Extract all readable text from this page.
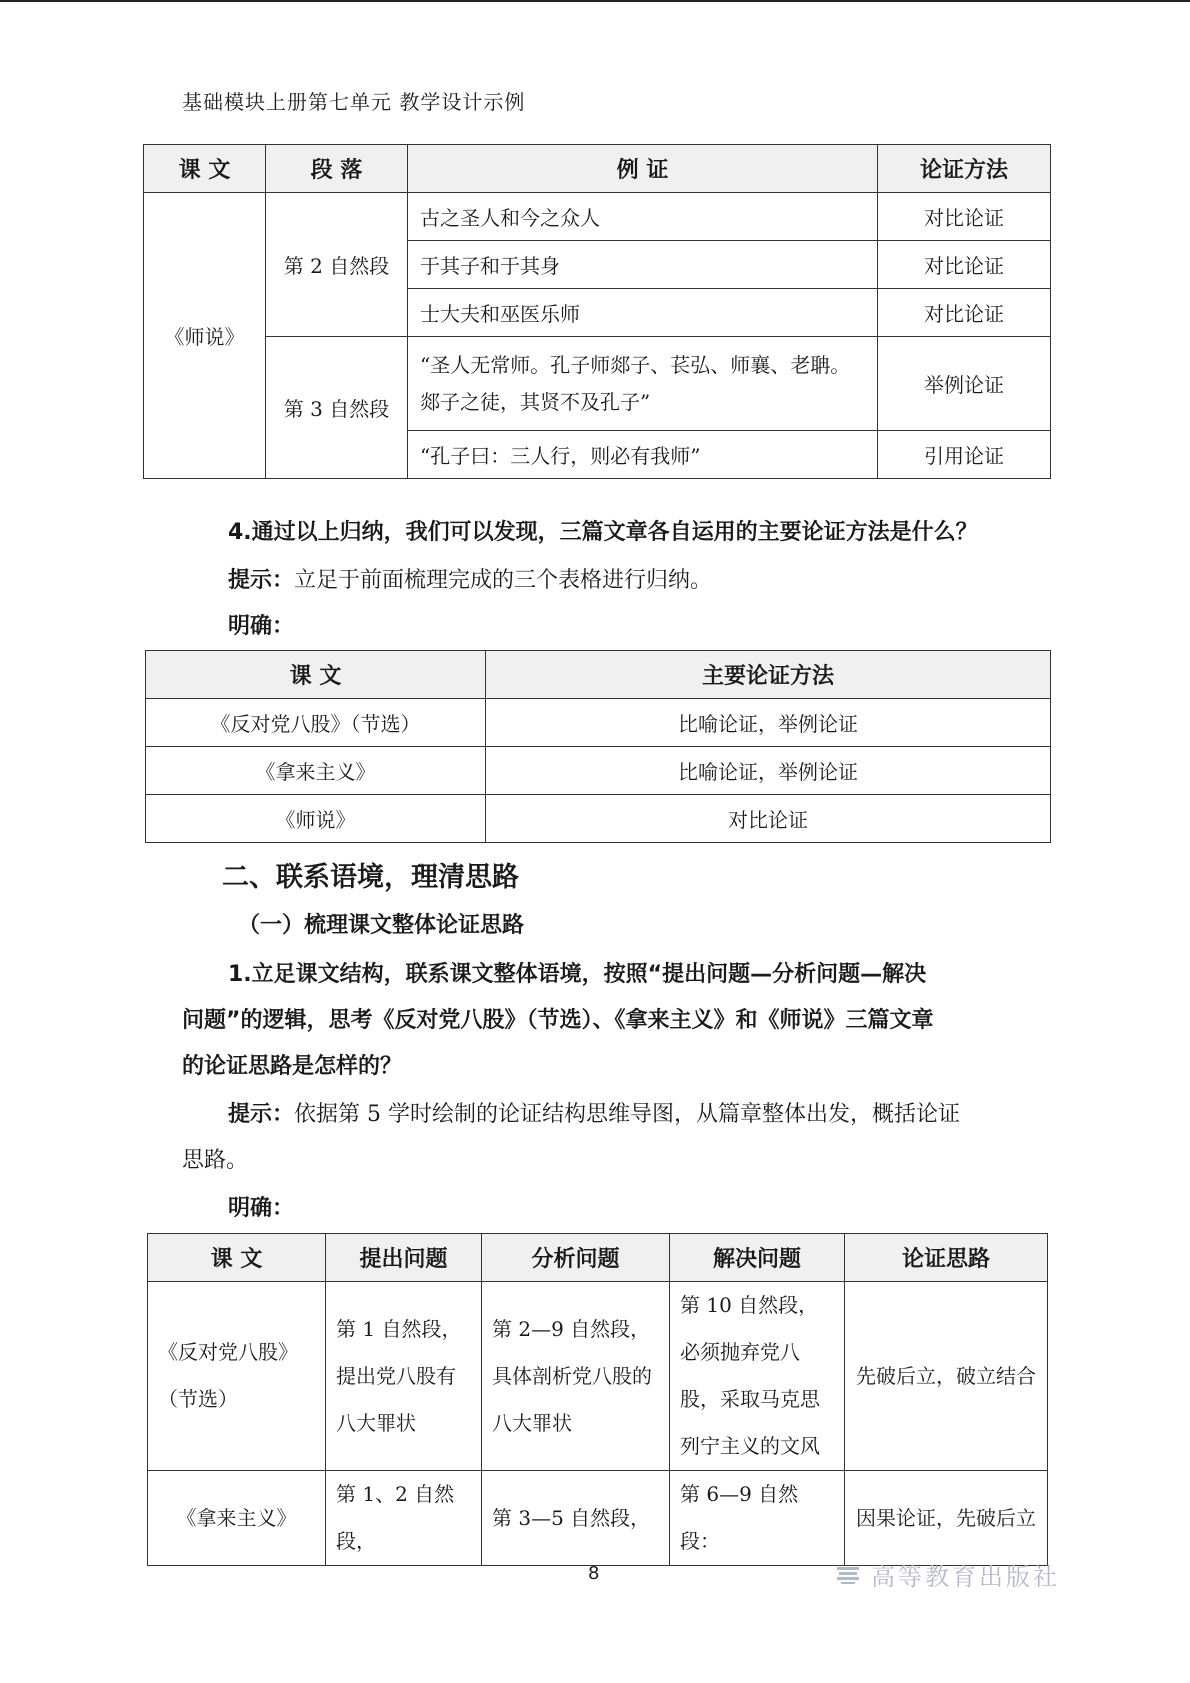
基础模块上册第七单元 教学设计示例
课 文	段 落	例 证	论证方法
《师说》	第 2 自然段	古之圣人和今之众人	对比论证
		于其子和于其身	对比论证
		士大夫和巫医乐师	对比论证
	第 3 自然段	“圣人无常师。孔子师郯子、苌弘、师襄、老聃。郯子之徒，其贤不及孔子”	举例论证
		“孔子曰：三人行，则必有我师”	引用论证
4.通过以上归纳，我们可以发现，三篇文章各自运用的主要论证方法是什么？
提示：立足于前面梳理完成的三个表格进行归纳。
明确：
课 文	主要论证方法
《反对党八股》（节选）	比喻论证，举例论证
《拿来主义》	比喻论证，举例论证
《师说》	对比论证
二、联系语境，理清思路
（一）梳理课文整体论证思路
1.立足课文结构，联系课文整体语境，按照“提出问题—分析问题—解决
问题”的逻辑，思考《反对党八股》（节选）、《拿来主义》和《师说》三篇文章
的论证思路是怎样的？
提示：依据第 5 学时绘制的论证结构思维导图，从篇章整体出发，概括论证
思路。
明确：
课 文	提出问题	分析问题	解决问题	论证思路
《反对党八股》（节选）	第 1 自然段，提出党八股有八大罪状	第 2—9 自然段，具体剖析党八股的八大罪状	第 10 自然段，必须抛弃党八股，采取马克思列宁主义的文风	先破后立，破立结合
《拿来主义》	第 1、2 自然段，	第 3—5 自然段，	第 6—9 自然段：	因果论证，先破后立
8	高等教育出版社
